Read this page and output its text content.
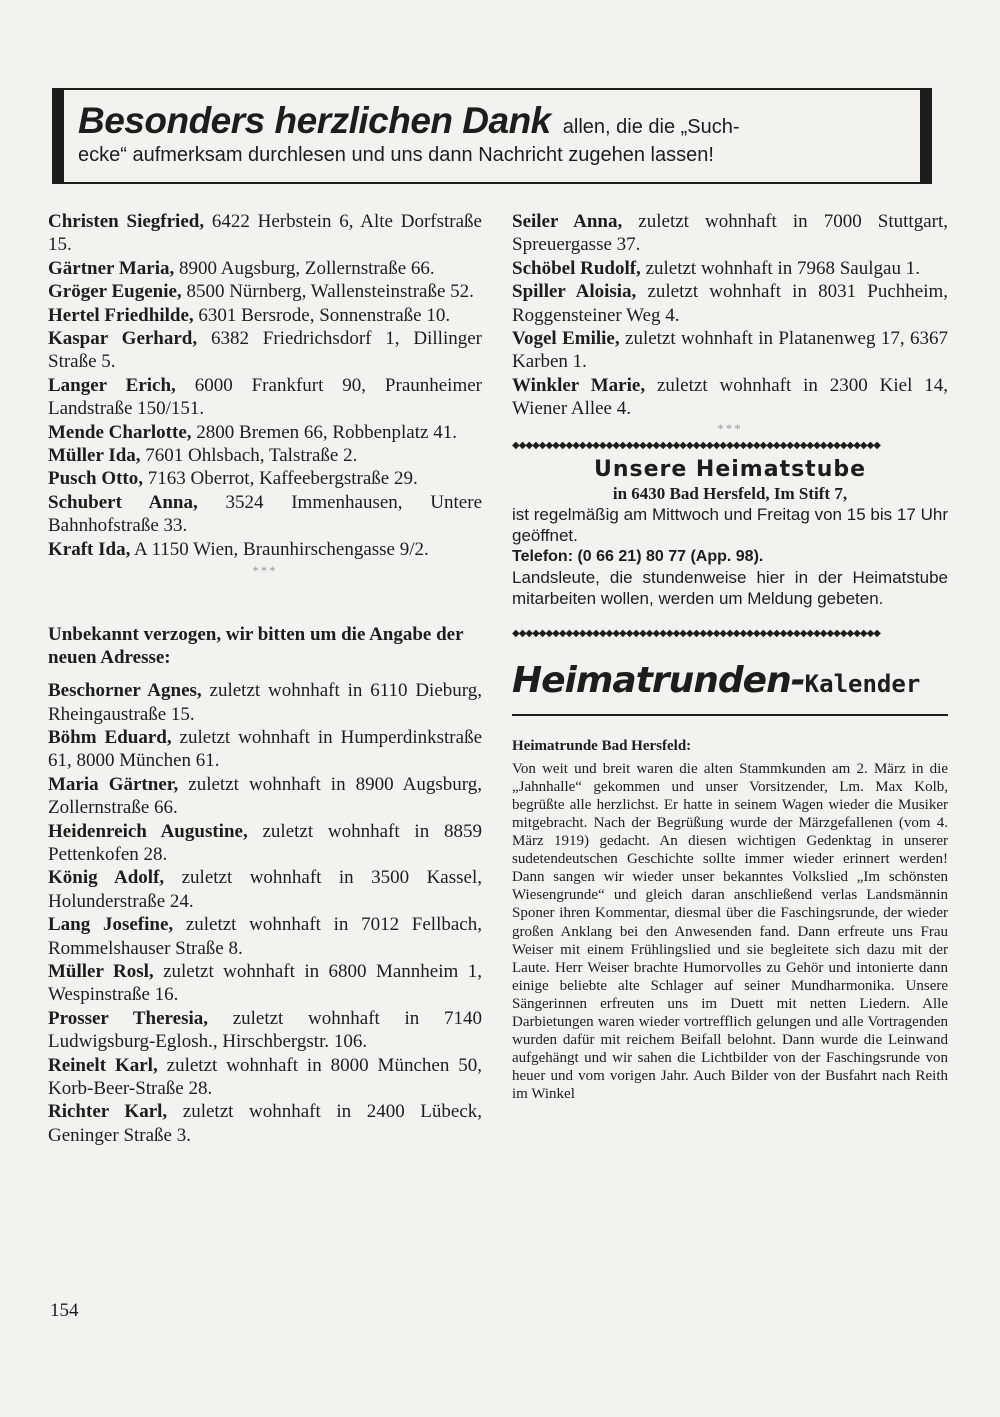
Besonders herzlichen Dank allen, die die „Such-
ecke“ aufmerksam durchlesen und uns dann Nachricht zugehen lassen!
Christen Siegfried, 6422 Herbstein 6, Alte Dorfstraße 15.
Gärtner Maria, 8900 Augsburg, Zollernstraße 66.
Gröger Eugenie, 8500 Nürnberg, Wallensteinstraße 52.
Hertel Friedhilde, 6301 Bersrode, Sonnenstraße 10.
Kaspar Gerhard, 6382 Friedrichsdorf 1, Dillinger Straße 5.
Langer Erich, 6000 Frankfurt 90, Praunheimer Landstraße 150/151.
Mende Charlotte, 2800 Bremen 66, Robbenplatz 41.
Müller Ida, 7601 Ohlsbach, Talstraße 2.
Pusch Otto, 7163 Oberrot, Kaffeebergstraße 29.
Schubert Anna, 3524 Immenhausen, Untere Bahnhofstraße 33.
Kraft Ida, A 1150 Wien, Braunhirschengasse 9/2.
***

Unbekannt verzogen, wir bitten um die Angabe der neuen Adresse:

Beschorner Agnes, zuletzt wohnhaft in 6110 Dieburg, Rheingaustraße 15.
Böhm Eduard, zuletzt wohnhaft in Humperdinkstraße 61, 8000 München 61.
Maria Gärtner, zuletzt wohnhaft in 8900 Augsburg, Zollernstraße 66.
Heidenreich Augustine, zuletzt wohnhaft in 8859 Pettenkofen 28.
König Adolf, zuletzt wohnhaft in 3500 Kassel, Holunderstraße 24.
Lang Josefine, zuletzt wohnhaft in 7012 Fellbach, Rommelshauser Straße 8.
Müller Rosl, zuletzt wohnhaft in 6800 Mannheim 1, Wespinstraße 16.
Prosser Theresia, zuletzt wohnhaft in 7140 Ludwigsburg-Eglosh., Hirschbergstr. 106.
Reinelt Karl, zuletzt wohnhaft in 8000 München 50, Korb-Beer-Straße 28.
Richter Karl, zuletzt wohnhaft in 2400 Lübeck, Geninger Straße 3.
Seiler Anna, zuletzt wohnhaft in 7000 Stuttgart, Spreuergasse 37.
Schöbel Rudolf, zuletzt wohnhaft in 7968 Saulgau 1.
Spiller Aloisia, zuletzt wohnhaft in 8031 Puchheim, Roggensteiner Weg 4.
Vogel Emilie, zuletzt wohnhaft in Platanenweg 17, 6367 Karben 1.
Winkler Marie, zuletzt wohnhaft in 2300 Kiel 14, Wiener Allee 4.
***
◆◆◆◆◆◆◆◆◆◆◆◆◆◆◆◆◆◆◆◆◆◆◆◆◆◆◆◆◆◆◆◆◆◆◆◆◆◆◆◆◆◆◆◆◆◆◆◆◆◆◆◆◆◆◆
Unsere Heimatstube
in 6430 Bad Hersfeld, Im Stift 7,
ist regelmäßig am Mittwoch und Freitag von 15 bis 17 Uhr geöffnet.
Telefon: (0 66 21) 80 77 (App. 98).
Landsleute, die stundenweise hier in der Heimatstube mitarbeiten wollen, werden um Meldung gebeten.
◆◆◆◆◆◆◆◆◆◆◆◆◆◆◆◆◆◆◆◆◆◆◆◆◆◆◆◆◆◆◆◆◆◆◆◆◆◆◆◆◆◆◆◆◆◆◆◆◆◆◆◆◆◆◆
Heimatrunden-Kalender
Heimatrunde Bad Hersfeld:
Von weit und breit waren die alten Stammkunden am 2. März in die „Jahnhalle“ gekommen und unser Vorsitzender, Lm. Max Kolb, begrüßte alle herzlichst. Er hatte in seinem Wagen wieder die Musiker mitgebracht. Nach der Begrüßung wurde der Märzgefallenen (vom 4. März 1919) gedacht. An diesen wichtigen Gedenktag in unserer sudetendeutschen Geschichte sollte immer wieder erinnert werden! Dann sangen wir wieder unser bekanntes Volkslied „Im schönsten Wiesengrunde“ und gleich daran anschließend verlas Landsmännin Sponer ihren Kommentar, diesmal über die Faschingsrunde, der wieder großen Anklang bei den Anwesenden fand. Dann erfreute uns Frau Weiser mit einem Frühlingslied und sie begleitete sich dazu mit der Laute. Herr Weiser brachte Humorvolles zu Gehör und intonierte dann einige beliebte alte Schlager auf seiner Mundharmonika. Unsere Sängerinnen erfreuten uns im Duett mit netten Liedern. Alle Darbietungen waren wieder vortrefflich gelungen und alle Vortragenden wurden dafür mit reichem Beifall belohnt. Dann wurde die Leinwand aufgehängt und wir sahen die Lichtbilder von der Faschingsrunde von heuer und vom vorigen Jahr. Auch Bilder von der Busfahrt nach Reith im Winkel
154
